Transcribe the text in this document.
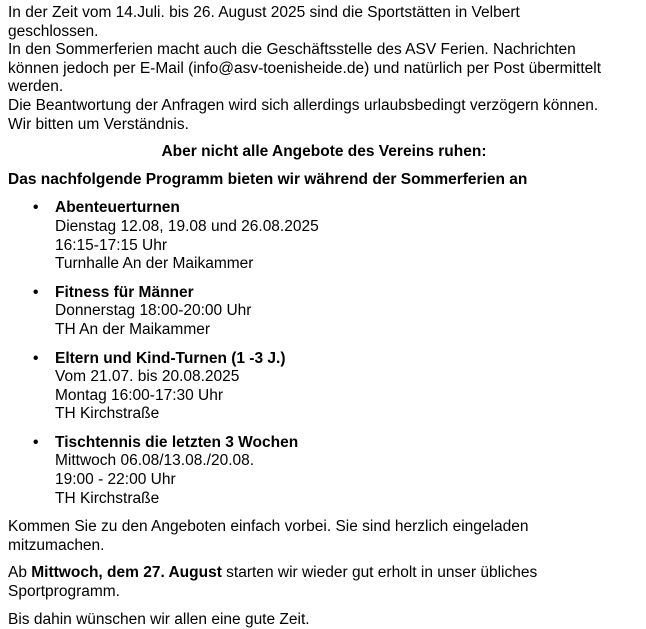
In der Zeit vom 14.Juli. bis 26. August 2025 sind die Sportstätten in Velbert

geschlossen.

In den Sommerferien macht auch die Geschäftsstelle des ASV Ferien. Nachrichten

können jedoch per E-Mail (info@asv-toenisheide.de) und natürlich per Post übermittelt

werden.

Die Beantwortung der Anfragen wird sich allerdings urlaubsbedingt verzögern können.

Wir bitten um Verständnis.

Aber nicht alle Angebote des Vereins ruhen:

Das nachfolgende Programm bieten wir während der Sommerferien an

• Abenteuerturnen
Dienstag 12.08, 19.08 und 26.08.2025
16:15-17:15 Uhr
Turnhalle An der Maikammer
• Fitness für Männer
Donnerstag 18:00-20:00 Uhr
TH An der Maikammer
• Eltern und Kind-Turnen (1 -3 J.)
Vom 21.07. bis 20.08.2025
Montag 16:00-17:30 Uhr
TH Kirchstraße
• Tischtennis die letzten 3 Wochen
Mittwoch 06.08/13.08./20.08.
19:00 - 22:00 Uhr
TH Kirchstraße

Kommen Sie zu den Angeboten einfach vorbei. Sie sind herzlich eingeladen

mitzumachen.

Ab Mittwoch, dem 27. August starten wir wieder gut erholt in unser übliches

Sportprogramm.

Bis dahin wünschen wir allen eine gute Zeit.
